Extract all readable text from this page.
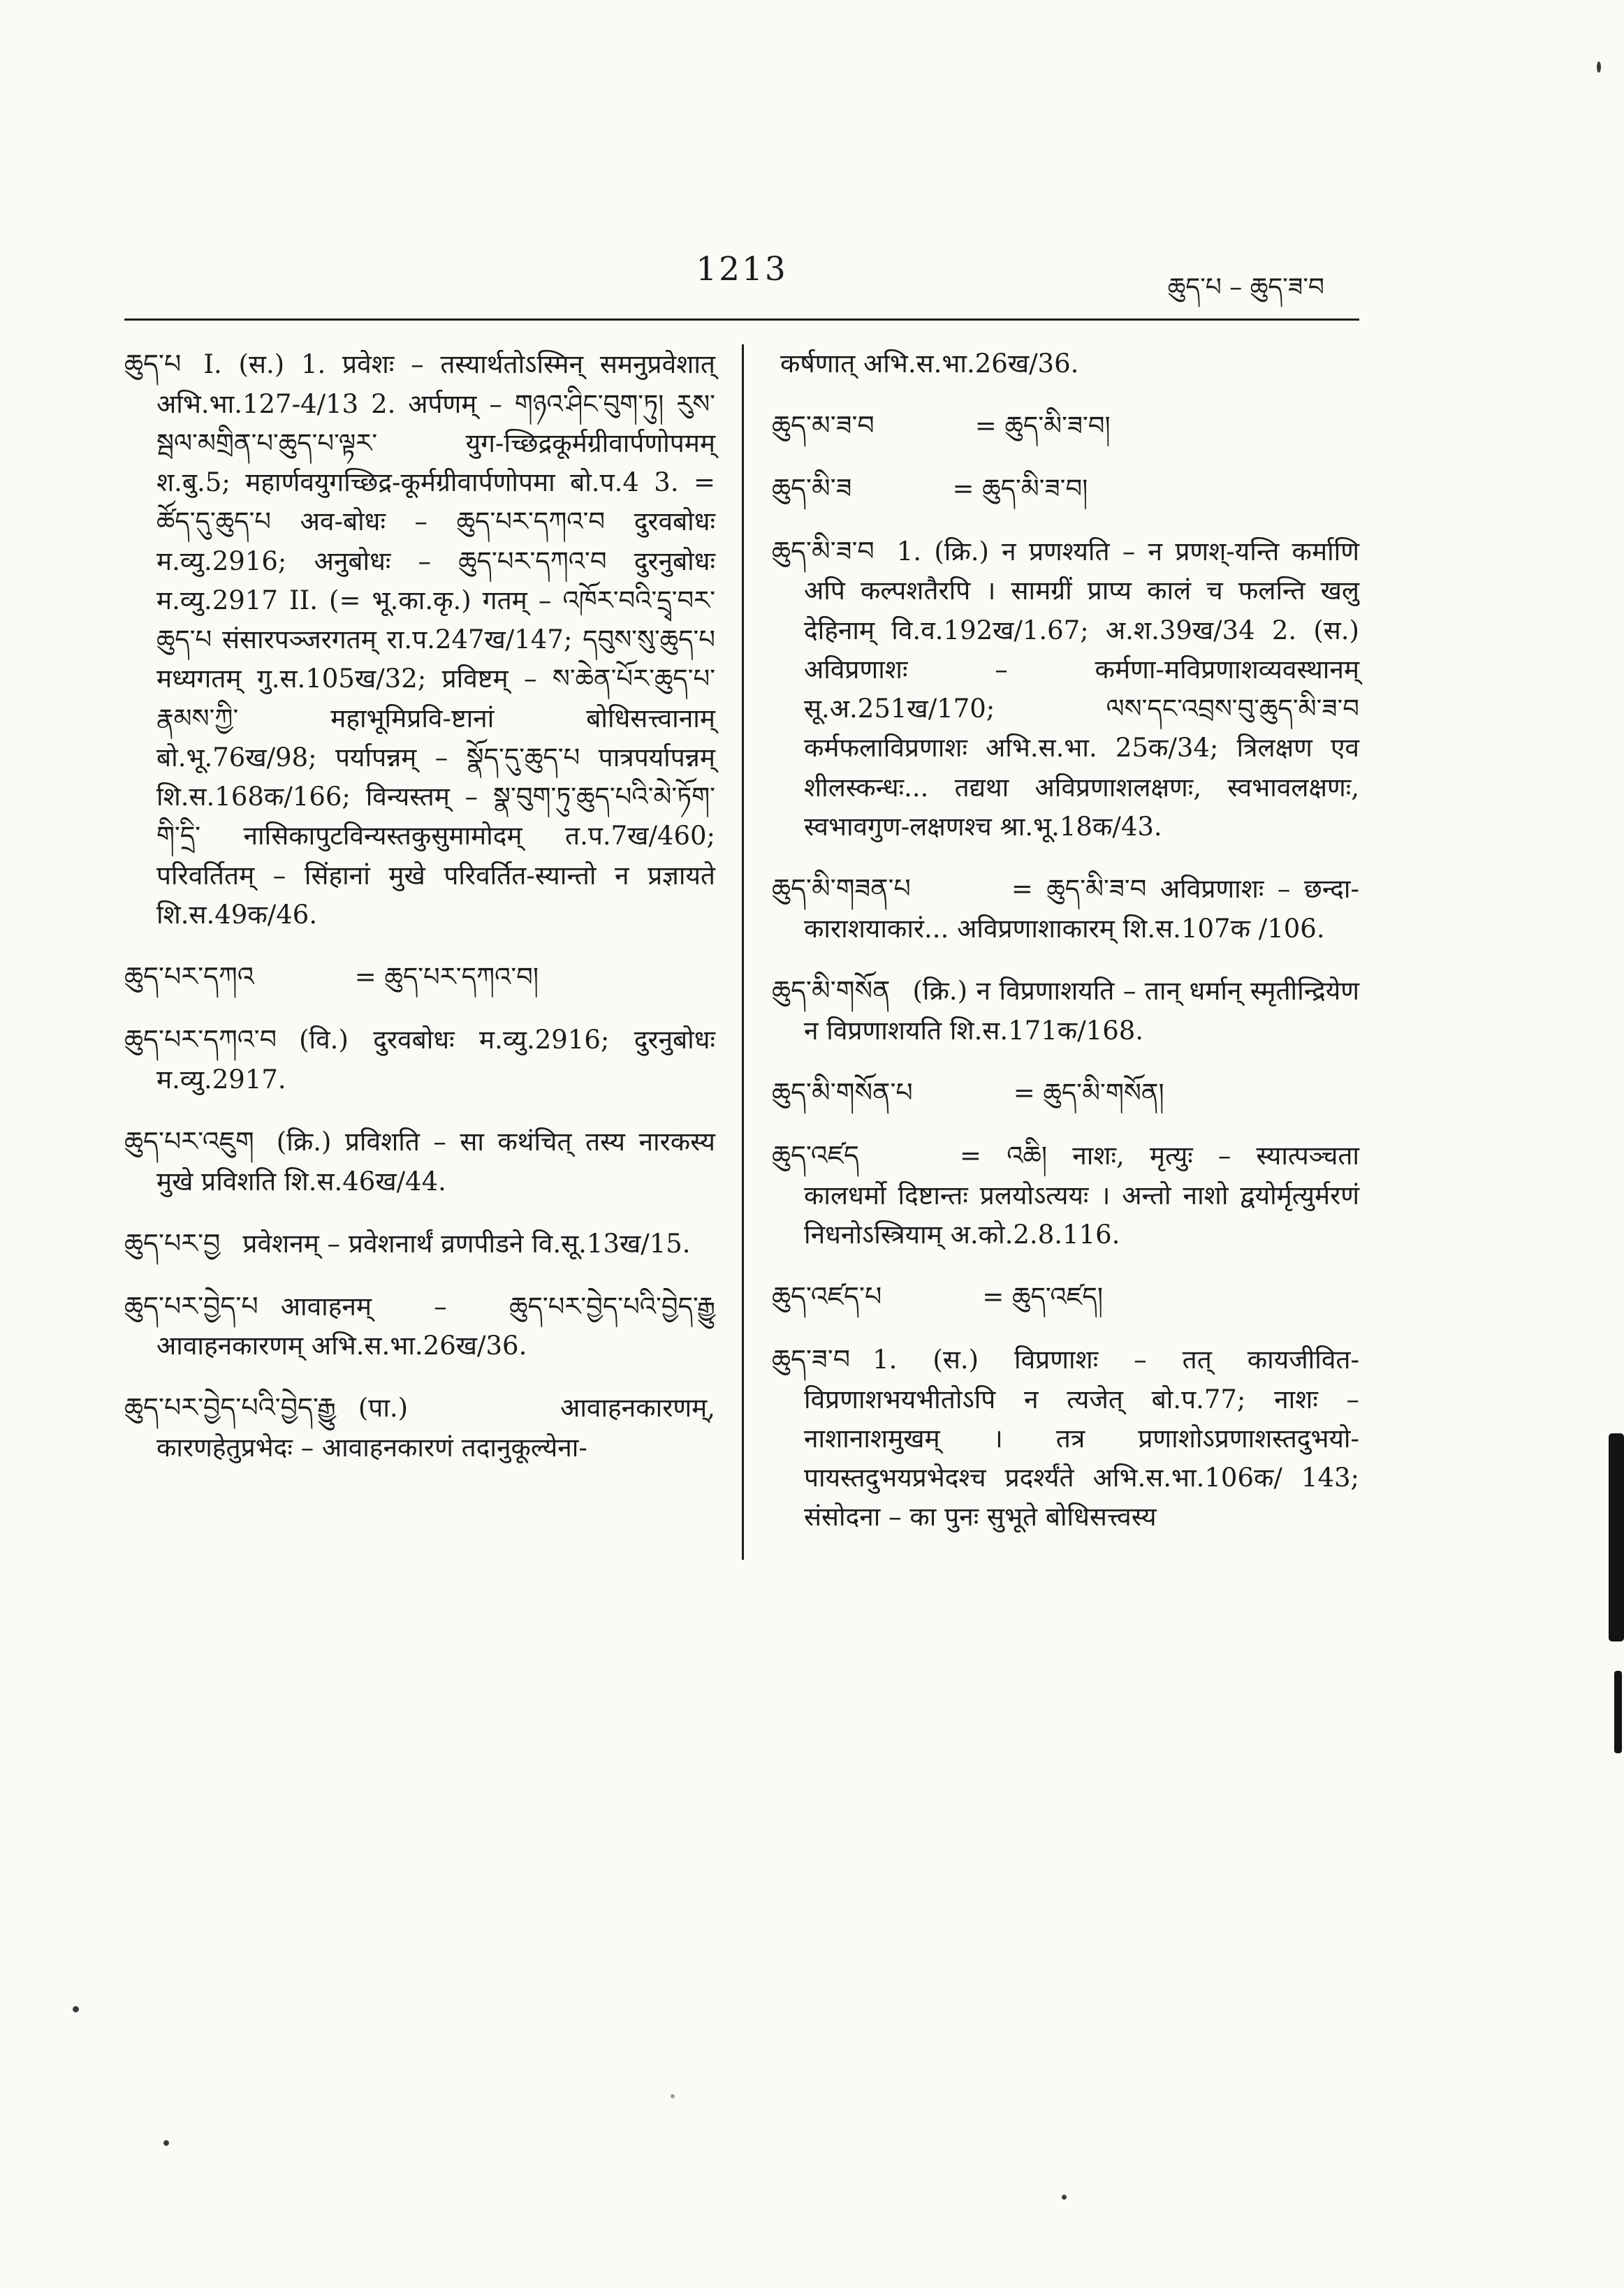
1213	ཆུད་པ – ཆུད་ཟ་བ

ཆུད་པ I. (स.) 1. प्रवेशः – तस्यार्थतोऽस्मिन् समनुप्रवेशात् अभि.भा.127-4/13 2. अर्पणम् – གཉའ་ཤིང་བུག་ཏུ། རུས་སྦལ་མགྲིན་པ་ཆུད་པ་ལྟར་ युग-च्छिद्रकूर्मग्रीवार्पणोपमम् श.बु.5; महार्णवयुगच्छिद्र-कूर्मग्रीवार्पणोपमा बो.प.4 3. = ཚོད་དུ་ཆུད་པ अव-बोधः – ཆུད་པར་དཀའ་བ दुरवबोधः म.व्यु.2916; अनुबोधः – ཆུད་པར་དཀའ་བ दुरनुबोधः म.व्यु.2917 II. (= भू.का.कृ.) गतम् – འཁོར་བའི་དྲྭ་བར་ཆུད་པ संसारपञ्जरगतम् रा.प.247ख/147; དབུས་སུ་ཆུད་པ मध्यगतम् गु.स.105ख/32; प्रविष्टम् – ས་ཆེན་པོར་ཆུད་པ་རྣམས་ཀྱི་ महाभूमिप्रवि-ष्टानां बोधिसत्त्वानाम् बो.भू.76ख/98; पर्यापन्नम् – སྣོད་དུ་ཆུད་པ पात्रपर्यापन्नम् शि.स.168क/166; विन्यस्तम् – སྣ་བུག་ཏུ་ཆུད་པའི་མེ་ཏོག་གི་དྲི་ नासिकापुटविन्यस्तकुसुमामोदम् त.प.7ख/460; परिवर्तितम् – सिंहानां मुखे परिवर्तित-स्यान्तो न प्रज्ञायते शि.स.49क/46.

ཆུད་པར་དཀའ	= ཆུད་པར་དཀའ་བ།

ཆུད་པར་དཀའ་བ (वि.) दुरवबोधः म.व्यु.2916; दुरनुबोधः म.व्यु.2917.

ཆུད་པར་འཇུག (क्रि.) प्रविशति – सा कथंचित् तस्य नारकस्य मुखे प्रविशति शि.स.46ख/44.

ཆུད་པར་བྱ प्रवेशनम् – प्रवेशनार्थं व्रणपीडने वि.सू.13ख/15.

ཆུད་པར་བྱེད་པ आवाहनम् – ཆུད་པར་བྱེད་པའི་བྱེད་རྒྱུ आवाहनकारणम् अभि.स.भा.26ख/36.

ཆུད་པར་བྱེད་པའི་བྱེད་རྒྱུ (पा.) आवाहनकारणम्, कारणहेतुप्रभेदः – आवाहनकारणं तदानुकूल्येना-

कर्षणात् अभि.स.भा.26ख/36.

ཆུད་མ་ཟ་བ	= ཆུད་མི་ཟ་བ།

ཆུད་མི་ཟ	= ཆུད་མི་ཟ་བ།

ཆུད་མི་ཟ་བ 1. (क्रि.) न प्रणश्यति – न प्रणश्-यन्ति कर्माणि अपि कल्पशतैरपि । सामग्रीं प्राप्य कालं च फलन्ति खलु देहिनाम् वि.व.192ख/1.67; अ.श.39ख/34 2. (स.) अविप्रणाशः – कर्मणा-मविप्रणाशव्यवस्थानम् सू.अ.251ख/170; ལས་དང་འབྲས་བུ་ཆུད་མི་ཟ་བ कर्मफलाविप्रणाशः अभि.स.भा. 25क/34; त्रिलक्षण एव शीलस्कन्धः... तद्यथा अविप्रणाशलक्षणः, स्वभावलक्षणः, स्वभावगुण-लक्षणश्च श्रा.भू.18क/43.

ཆུད་མི་གཟན་པ	= ཆུད་མི་ཟ་བ अविप्रणाशः – छन्दा-काराशयाकारं... अविप्रणाशाकारम् शि.स.107क /106.

ཆུད་མི་གསོན (क्रि.) न विप्रणाशयति – तान् धर्मान् स्मृतीन्द्रियेण न विप्रणाशयति शि.स.171क/168.

ཆུད་མི་གསོན་པ	= ཆུད་མི་གསོན།

ཆུད་འཛད	= འཆི། नाशः, मृत्युः – स्यात्पञ्चता कालधर्मो दिष्टान्तः प्रलयोऽत्ययः । अन्तो नाशो द्वयोर्मृत्युर्मरणं निधनोऽस्त्रियाम् अ.को.2.8.116.

ཆུད་འཛད་པ	= ཆུད་འཛད།

ཆུད་ཟ་བ 1. (स.) विप्रणाशः – तत् कायजीवित-विप्रणाशभयभीतोऽपि न त्यजेत् बो.प.77; नाशः – नाशानाशमुखम् । तत्र प्रणाशोऽप्रणाशस्तदुभयो-पायस्तदुभयप्रभेदश्च प्रदर्श्यंते अभि.स.भा.106क/ 143; संसोदना – का पुनः सुभूते बोधिसत्त्वस्य
